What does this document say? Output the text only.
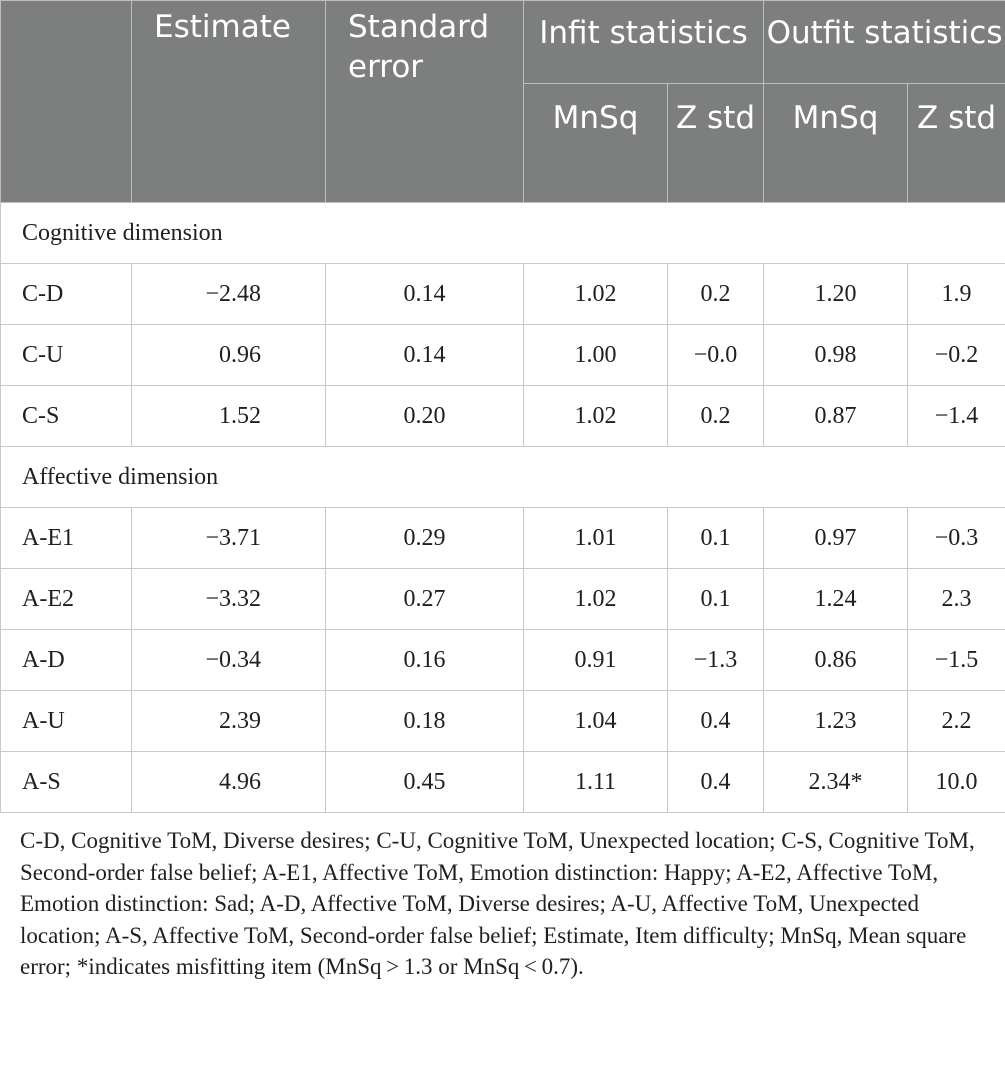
	Estimate	Standard error	Infit statistics		Outfit statistics	
			MnSq	Z std	MnSq	Z std
Cognitive dimension						
C-D	−2.48	0.14	1.02	0.2	1.20	1.9
C-U	0.96	0.14	1.00	−0.0	0.98	−0.2
C-S	1.52	0.20	1.02	0.2	0.87	−1.4
Affective dimension						
A-E1	−3.71	0.29	1.01	0.1	0.97	−0.3
A-E2	−3.32	0.27	1.02	0.1	1.24	2.3
A-D	−0.34	0.16	0.91	−1.3	0.86	−1.5
A-U	2.39	0.18	1.04	0.4	1.23	2.2
A-S	4.96	0.45	1.11	0.4	2.34*	10.0
C-D, Cognitive ToM, Diverse desires; C-U, Cognitive ToM, Unexpected location; C-S, Cognitive ToM, Second-order false belief; A-E1, Affective ToM, Emotion distinction: Happy; A-E2, Affective ToM, Emotion distinction: Sad; A-D, Affective ToM, Diverse desires; A-U, Affective ToM, Unexpected location; A-S, Affective ToM, Second-order false belief; Estimate, Item difficulty; MnSq, Mean square error; *indicates misfitting item (MnSq > 1.3 or MnSq < 0.7).
